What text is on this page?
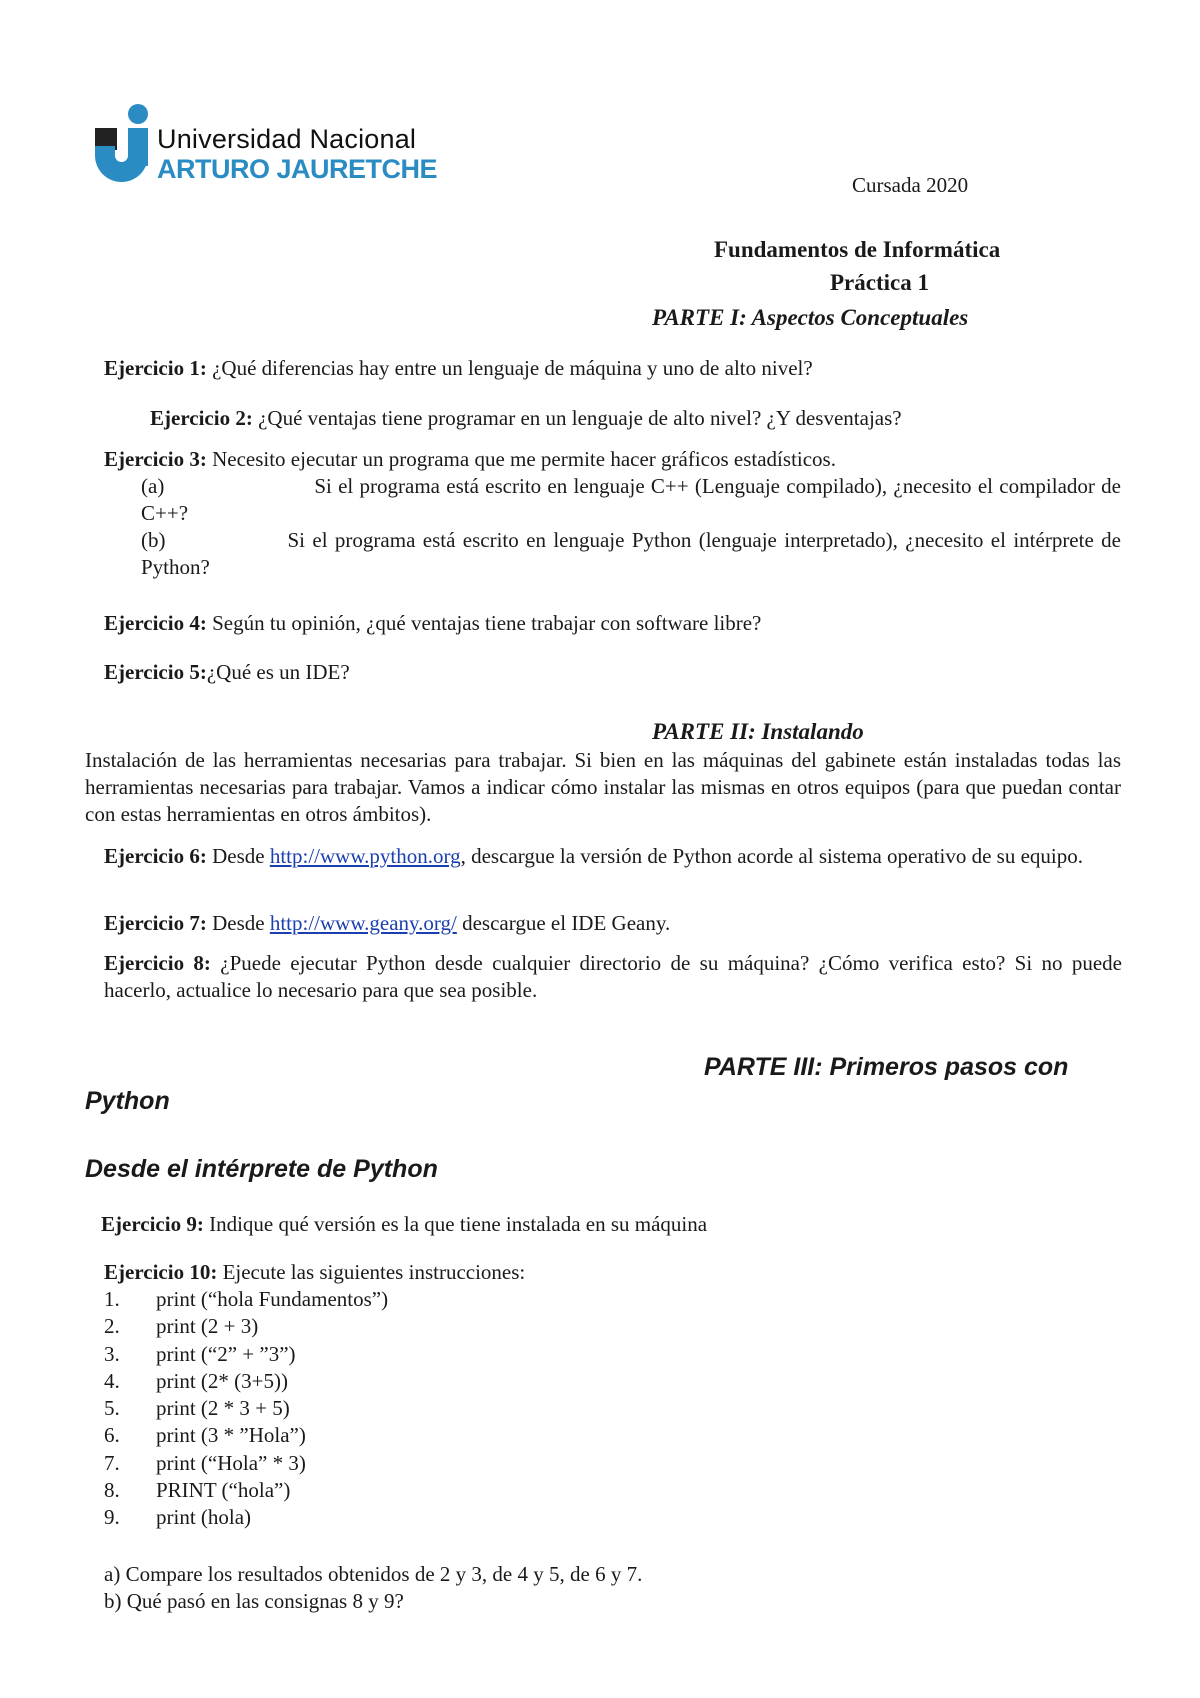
Universidad Nacional
ARTURO JAURETCHE
Cursada 2020
Fundamentos de Informática
Práctica 1
PARTE I: Aspectos Conceptuales
Ejercicio 1: ¿Qué diferencias hay entre un lenguaje de máquina y uno de alto nivel?
Ejercicio 2: ¿Qué ventajas tiene programar en un lenguaje de alto nivel? ¿Y desventajas?
Ejercicio 3: Necesito ejecutar un programa que me permite hacer gráficos estadísticos.
(a)	Si el programa está escrito en lenguaje C++ (Lenguaje compilado), ¿necesito el compilador de C++?
(b)	Si el programa está escrito en lenguaje Python (lenguaje interpretado), ¿necesito el intérprete de Python?
Ejercicio 4: Según tu opinión, ¿qué ventajas tiene trabajar con software libre?
Ejercicio 5:¿Qué es un IDE?
PARTE II: Instalando
Instalación de las herramientas necesarias para trabajar. Si bien en las máquinas del gabinete están instaladas todas las herramientas necesarias para trabajar. Vamos a indicar cómo instalar las mismas en otros equipos (para que puedan contar con estas herramientas en otros ámbitos).
Ejercicio 6: Desde http://www.python.org, descargue la versión de Python acorde al sistema operativo de su equipo.
Ejercicio 7: Desde http://www.geany.org/ descargue el IDE Geany.
Ejercicio 8: ¿Puede ejecutar Python desde cualquier directorio de su máquina? ¿Cómo verifica esto? Si no puede hacerlo, actualice lo necesario para que sea posible.
PARTE III: Primeros pasos con
Python
Desde el intérprete de Python
Ejercicio 9: Indique qué versión es la que tiene instalada en su máquina
Ejercicio 10: Ejecute las siguientes instrucciones:
1. print (“hola Fundamentos”)
2. print (2 + 3)
3. print (“2” + ”3”)
4. print (2* (3+5))
5. print (2 * 3 + 5)
6. print (3 * ”Hola”)
7. print (“Hola” * 3)
8. PRINT (“hola”)
9. print (hola)
a) Compare los resultados obtenidos de 2 y 3, de 4 y 5, de 6 y 7.
b) Qué pasó en las consignas 8 y 9?
